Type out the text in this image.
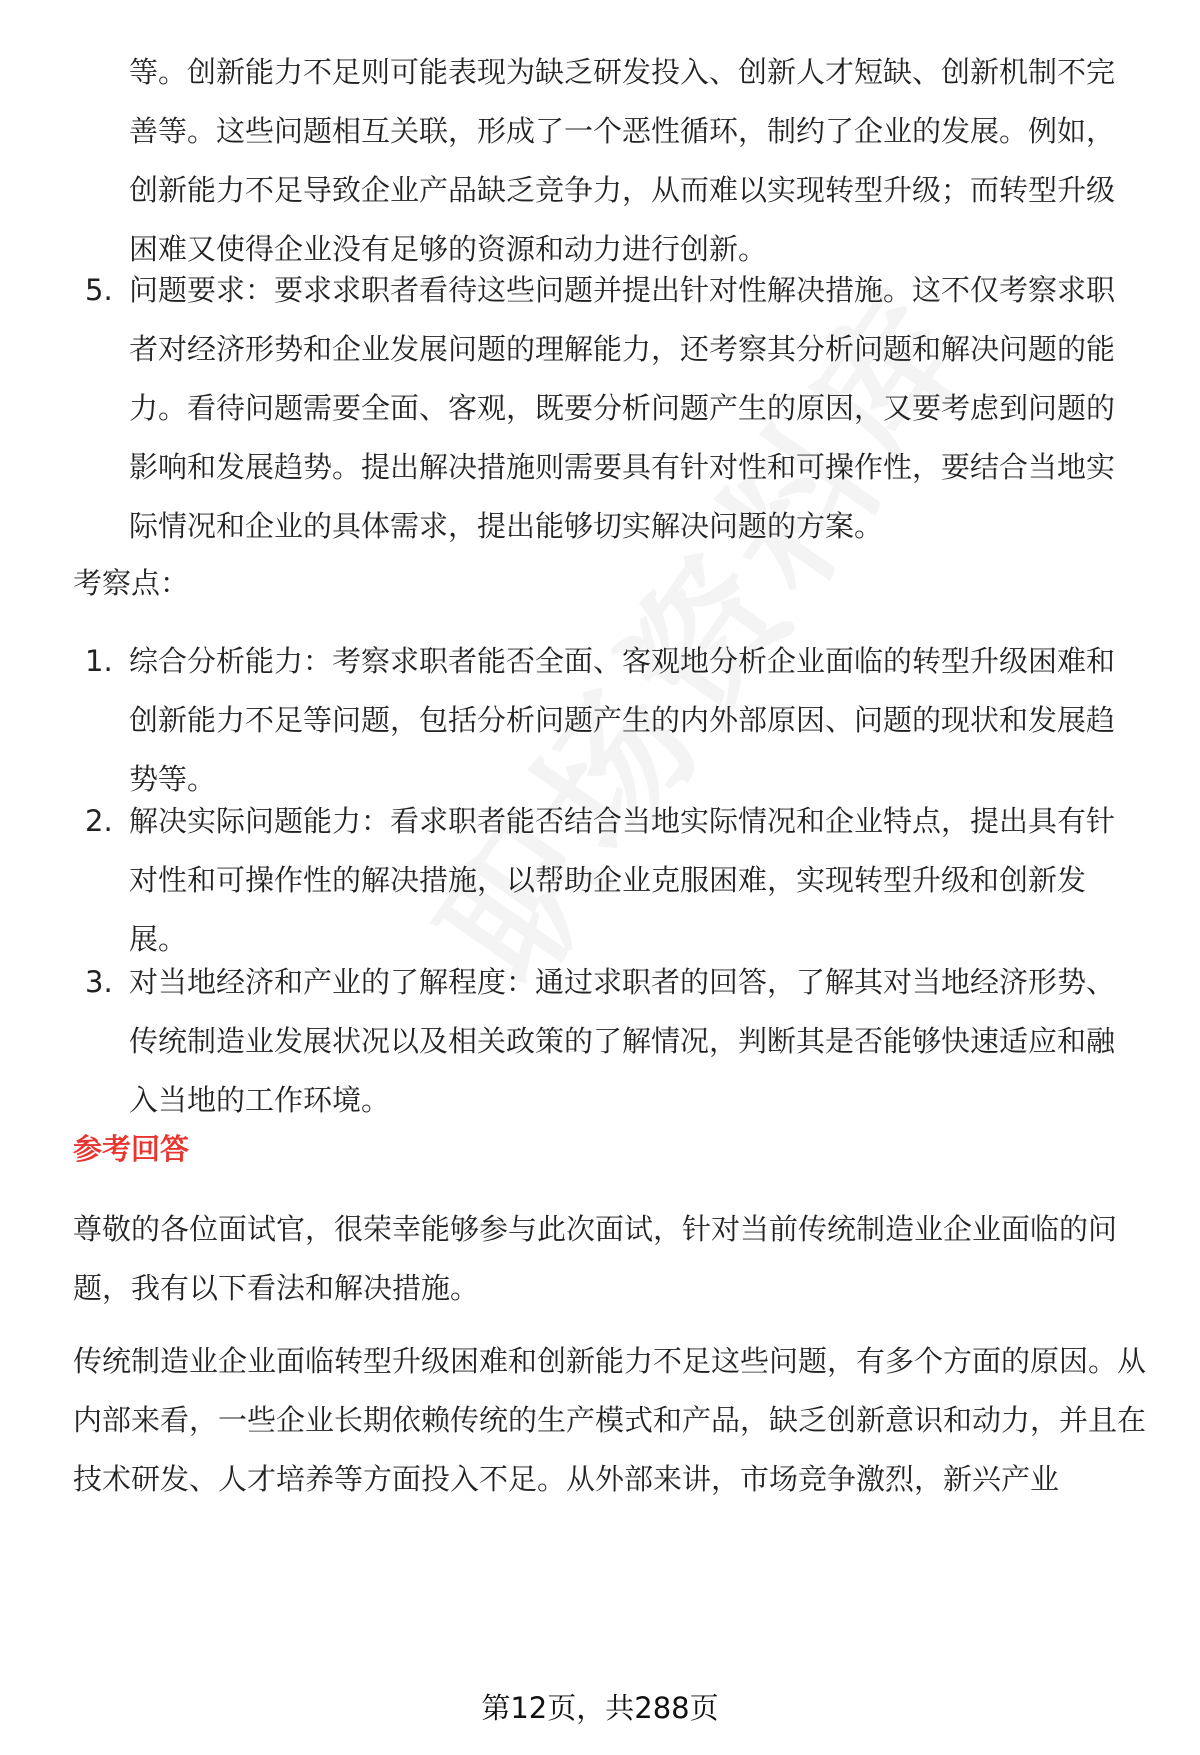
等。创新能力不足则可能表现为缺乏研发投入、创新人才短缺、创新机制不完善等。这些问题相互关联，形成了一个恶性循环，制约了企业的发展。例如，创新能力不足导致企业产品缺乏竞争力，从而难以实现转型升级；而转型升级困难又使得企业没有足够的资源和动力进行创新。

5. 问题要求：要求求职者看待这些问题并提出针对性解决措施。这不仅考察求职者对经济形势和企业发展问题的理解能力，还考察其分析问题和解决问题的能力。看待问题需要全面、客观，既要分析问题产生的原因，又要考虑到问题的影响和发展趋势。提出解决措施则需要具有针对性和可操作性，要结合当地实际情况和企业的具体需求，提出能够切实解决问题的方案。

考察点：

1. 综合分析能力：考察求职者能否全面、客观地分析企业面临的转型升级困难和创新能力不足等问题，包括分析问题产生的内外部原因、问题的现状和发展趋势等。

2. 解决实际问题能力：看求职者能否结合当地实际情况和企业特点，提出具有针对性和可操作性的解决措施，以帮助企业克服困难，实现转型升级和创新发展。

3. 对当地经济和产业的了解程度：通过求职者的回答，了解其对当地经济形势、传统制造业发展状况以及相关政策的了解情况，判断其是否能够快速适应和融入当地的工作环境。

参考回答

尊敬的各位面试官，很荣幸能够参与此次面试，针对当前传统制造业企业面临的问题，我有以下看法和解决措施。

传统制造业企业面临转型升级困难和创新能力不足这些问题，有多个方面的原因。从内部来看，一些企业长期依赖传统的生产模式和产品，缺乏创新意识和动力，并且在技术研发、人才培养等方面投入不足。从外部来讲，市场竞争激烈，新兴产业

第12页，共288页
